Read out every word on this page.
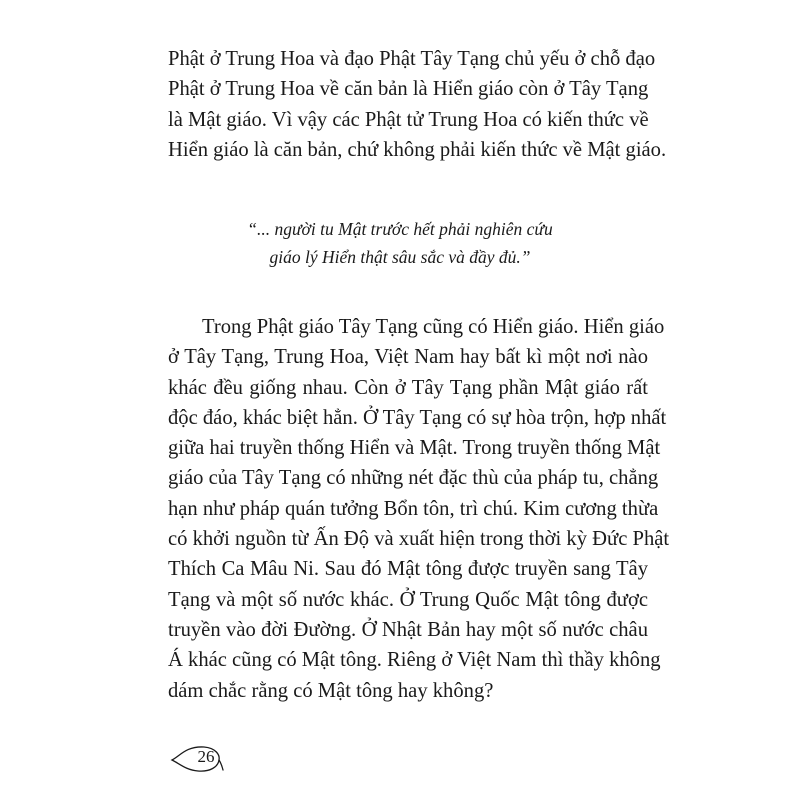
Phật ở Trung Hoa và đạo Phật Tây Tạng chủ yếu ở chỗ đạo
Phật ở Trung Hoa về căn bản là Hiển giáo còn ở Tây Tạng
là Mật giáo. Vì vậy các Phật tử Trung Hoa có kiến thức về
Hiển giáo là căn bản, chứ không phải kiến thức về Mật giáo.
“... người tu Mật trước hết phải nghiên cứu
giáo lý Hiển thật sâu sắc và đầy đủ.”
Trong Phật giáo Tây Tạng cũng có Hiển giáo. Hiển giáo
ở Tây Tạng, Trung Hoa, Việt Nam hay bất kì một nơi nào
khác đều giống nhau. Còn ở Tây Tạng phần Mật giáo rất
độc đáo, khác biệt hẳn. Ở Tây Tạng có sự hòa trộn, hợp nhất
giữa hai truyền thống Hiển và Mật. Trong truyền thống Mật
giáo của Tây Tạng có những nét đặc thù của pháp tu, chẳng
hạn như pháp quán tưởng Bổn tôn, trì chú. Kim cương thừa
có khởi nguồn từ Ấn Độ và xuất hiện trong thời kỳ Đức Phật
Thích Ca Mâu Ni. Sau đó Mật tông được truyền sang Tây
Tạng và một số nước khác. Ở Trung Quốc Mật tông được
truyền vào đời Đường. Ở Nhật Bản hay một số nước châu
Á khác cũng có Mật tông. Riêng ở Việt Nam thì thầy không
dám chắc rằng có Mật tông hay không?
26
